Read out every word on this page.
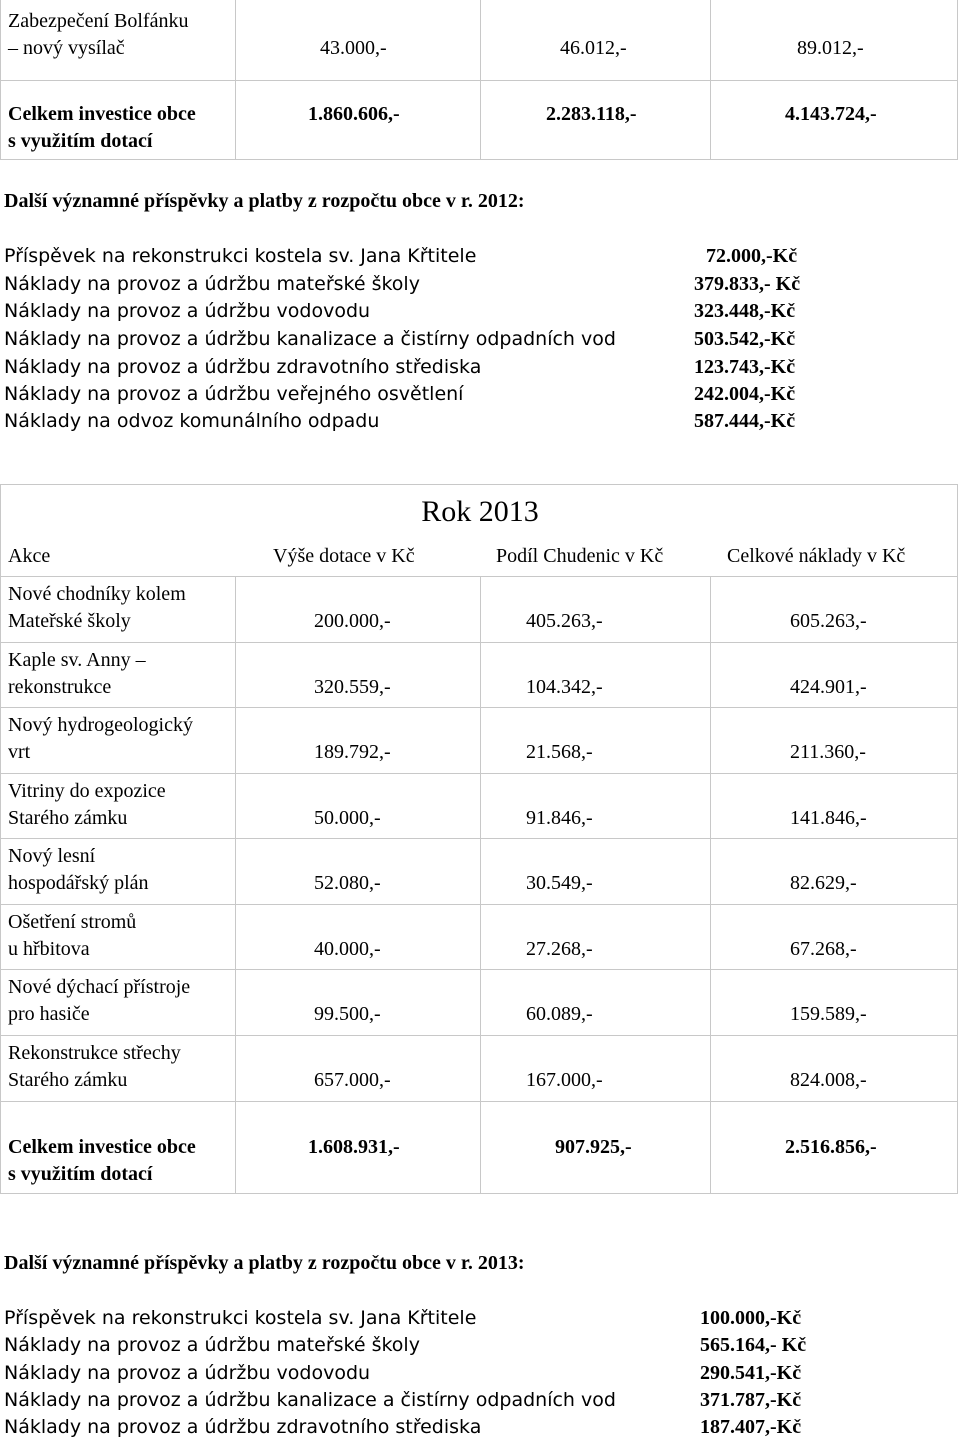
Zabezpečení Bolfánku
– nový vysílač	43.000,-	46.012,-	89.012,-
Celkem investice obce
s využitím dotací
1.860.606,-	2.283.118,-	4.143.724,-
Další významné příspěvky a platby z rozpočtu obce v r. 2012:
Příspěvek na rekonstrukci kostela sv. Jana Křtitele	72.000,-Kč
Náklady na provoz a údržbu mateřské školy	379.833,- Kč
Náklady na provoz a údržbu vodovodu	323.448,-Kč
Náklady na provoz a údržbu kanalizace a čistírny odpadních vod	503.542,-Kč
Náklady na provoz a údržbu zdravotního střediska	123.743,-Kč
Náklady na provoz a údržbu veřejného osvětlení	242.004,-Kč
Náklady na odvoz komunálního odpadu	587.444,-Kč
Rok 2013
Akce	Výše dotace v Kč	Podíl Chudenic v Kč	Celkové náklady v Kč
Nové chodníky kolem
Mateřské školy	200.000,-	405.263,-	605.263,-
Kaple sv. Anny –
rekonstrukce	320.559,-	104.342,-	424.901,-
Nový hydrogeologický
vrt	189.792,-	21.568,-	211.360,-
Vitriny do expozice
Starého zámku	50.000,-	91.846,-	141.846,-
Nový lesní
hospodářský plán	52.080,-	30.549,-	82.629,-
Ošetření stromů
u hřbitova	40.000,-	27.268,-	67.268,-
Nové dýchací přístroje
pro hasiče	99.500,-	60.089,-	159.589,-
Rekonstrukce střechy
Starého zámku	657.000,-	167.000,-	824.008,-
Celkem investice obce
s využitím dotací
1.608.931,-	907.925,-	2.516.856,-
Další významné příspěvky a platby z rozpočtu obce v r. 2013:
Příspěvek na rekonstrukci kostela sv. Jana Křtitele	100.000,-Kč
Náklady na provoz a údržbu mateřské školy	565.164,- Kč
Náklady na provoz a údržbu vodovodu	290.541,-Kč
Náklady na provoz a údržbu kanalizace a čistírny odpadních vod	371.787,-Kč
Náklady na provoz a údržbu zdravotního střediska	187.407,-Kč
